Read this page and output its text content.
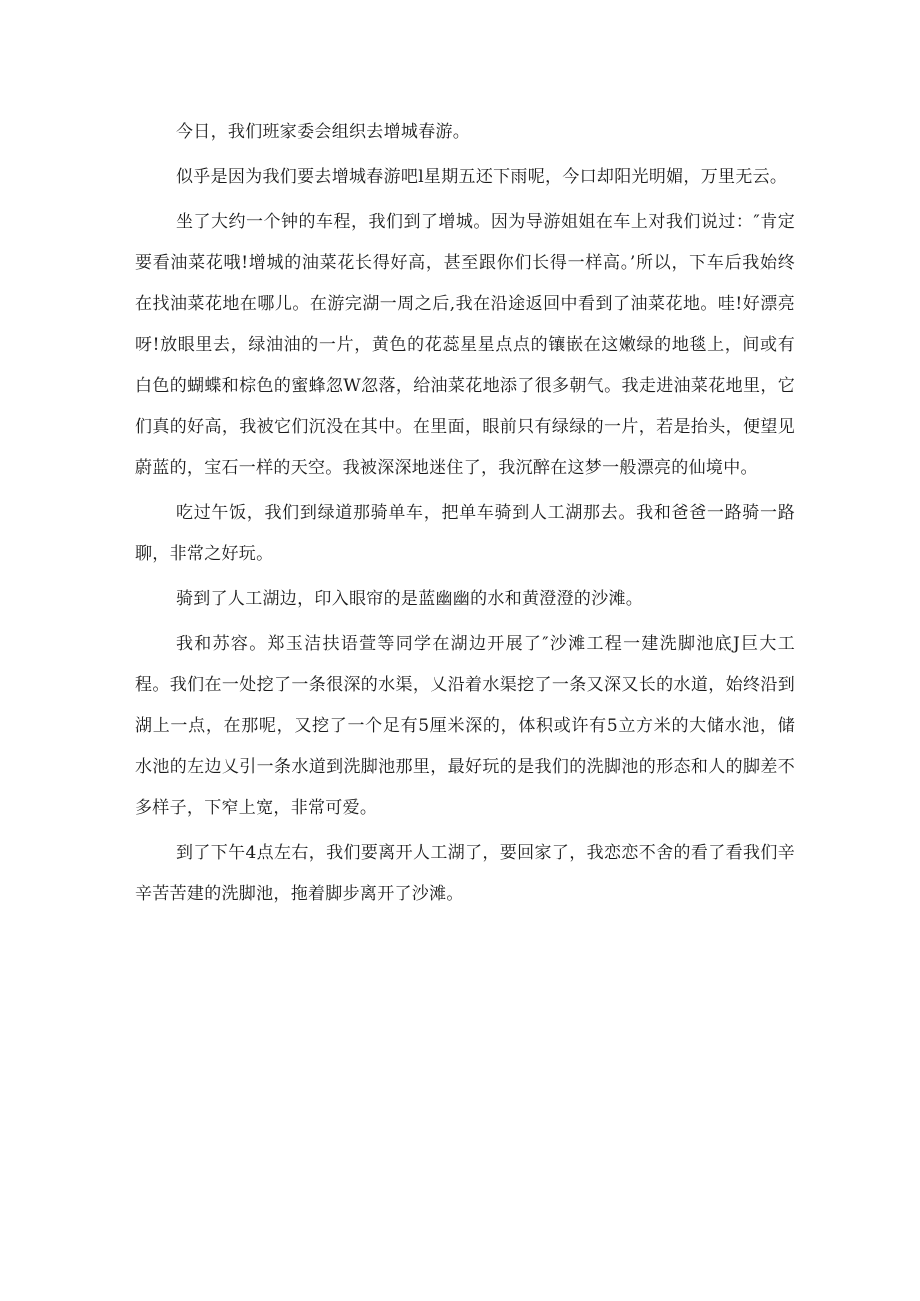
今日，我们班家委会组织去增城春游。

似乎是因为我们要去增城春游吧l星期五还下雨呢，今口却阳光明媚，万里无云。

坐了大约一个钟的车程，我们到了增城。因为导游姐姐在车上对我们说过：″肯定要看油菜花哦!增城的油菜花长得好高，甚至跟你们长得一样高。’所以，下车后我始终在找油菜花地在哪儿。在游完湖一周之后,我在沿途返回中看到了油菜花地。哇!好漂亮呀!放眼里去，绿油油的一片，黄色的花蕊星星点点的镶嵌在这嫩绿的地毯上，间或有白色的蝴蝶和棕色的蜜蜂忽W忽落，给油菜花地添了很多朝气。我走进油菜花地里，它们真的好高，我被它们沉没在其中。在里面，眼前只有绿绿的一片，若是抬头，便望见蔚蓝的，宝石一样的天空。我被深深地迷住了，我沉醉在这梦一般漂亮的仙境中。

吃过午饭，我们到绿道那骑单车，把单车骑到人工湖那去。我和爸爸一路骑一路聊，非常之好玩。

骑到了人工湖边，印入眼帘的是蓝幽幽的水和黄澄澄的沙滩。

我和苏容。郑玉洁扶语萱等同学在湖边开展了″沙滩工程一建洗脚池底J巨大工程。我们在一处挖了一条很深的水渠，乂沿着水渠挖了一条又深又长的水道，始终沿到湖上一点，在那呢，又挖了一个足有5厘米深的，体积或许有5立方米的大储水池，储水池的左边乂引一条水道到洗脚池那里，最好玩的是我们的洗脚池的形态和人的脚差不多样子，下窄上宽，非常可爱。

到了下午4点左右，我们要离开人工湖了，要回家了，我恋恋不舍的看了看我们辛辛苦苦建的洗脚池，拖着脚步离开了沙滩。
